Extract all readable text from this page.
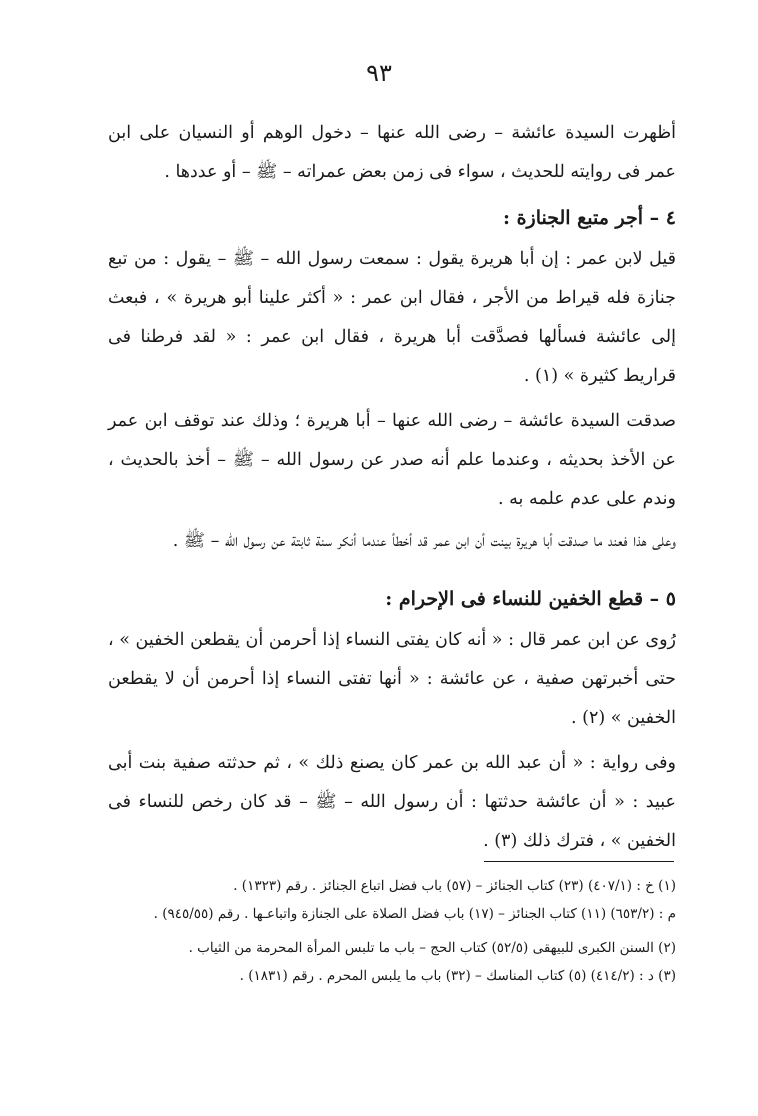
٩٣

أظهرت السيدة عائشة – رضى الله عنها – دخول الوهم أو النسيان على ابن عمر فى روايته للحديث ، سواء فى زمن بعض عمراته – ﷺ – أو عددها .

٤ – أجر متبع الجنازة :

قيل لابن عمر : إن أبا هريرة يقول : سمعت رسول الله – ﷺ – يقول : من تبع جنازة فله قيراط من الأجر ، فقال ابن عمر : « أكثر علينا أبو هريرة » ، فبعث إلى عائشة فسألها فصدَّقت أبا هريرة ، فقال ابن عمر : « لقد فرطنا فى قراريط كثيرة » (١) .

صدقت السيدة عائشة – رضى الله عنها – أبا هريرة ؛ وذلك عند توقف ابن عمر عن الأخذ بحديثه ، وعندما علم أنه صدر عن رسول الله – ﷺ – أخذ بالحديث ، وندم على عدم علمه به .

وعلى هذا فعند ما صدقت أبا هريرة بينت أن ابن عمر قد أخطأ عندما أنكر سنة ثابتة عن رسول الله – ﷺ .

٥ – قطع الخفين للنساء فى الإحرام :

رُوى عن ابن عمر قال : « أنه كان يفتى النساء إذا أحرمن أن يقطعن الخفين » ، حتى أخبرتهن صفية ، عن عائشة : « أنها تفتى النساء إذا أحرمن أن لا يقطعن الخفين » (٢) .

وفى رواية : « أن عبد الله بن عمر كان يصنع ذلك » ، ثم حدثته صفية بنت أبى عبيد : « أن عائشة حدثتها : أن رسول الله – ﷺ – قد كان رخص للنساء فى الخفين » ، فترك ذلك (٣) .

(١) خ : (٤٠٧/١) (٢٣) كتاب الجنائز – (٥٧) باب فضل اتباع الجنائز . رقم (١٣٢٣) .

م : (٦٥٣/٢) (١١) كتاب الجنائز – (١٧) باب فضل الصلاة على الجنازة واتباعـها . رقم (٩٤٥/٥٥) .

(٢) السنن الكبرى للبيهقى (٥٢/٥) كتاب الحج – باب ما تلبس المرأة المحرمة من الثياب .

(٣) د : (٤١٤/٢) (٥) كتاب المناسك – (٣٢) باب ما يلبس المحرم . رقم (١٨٣١) .
